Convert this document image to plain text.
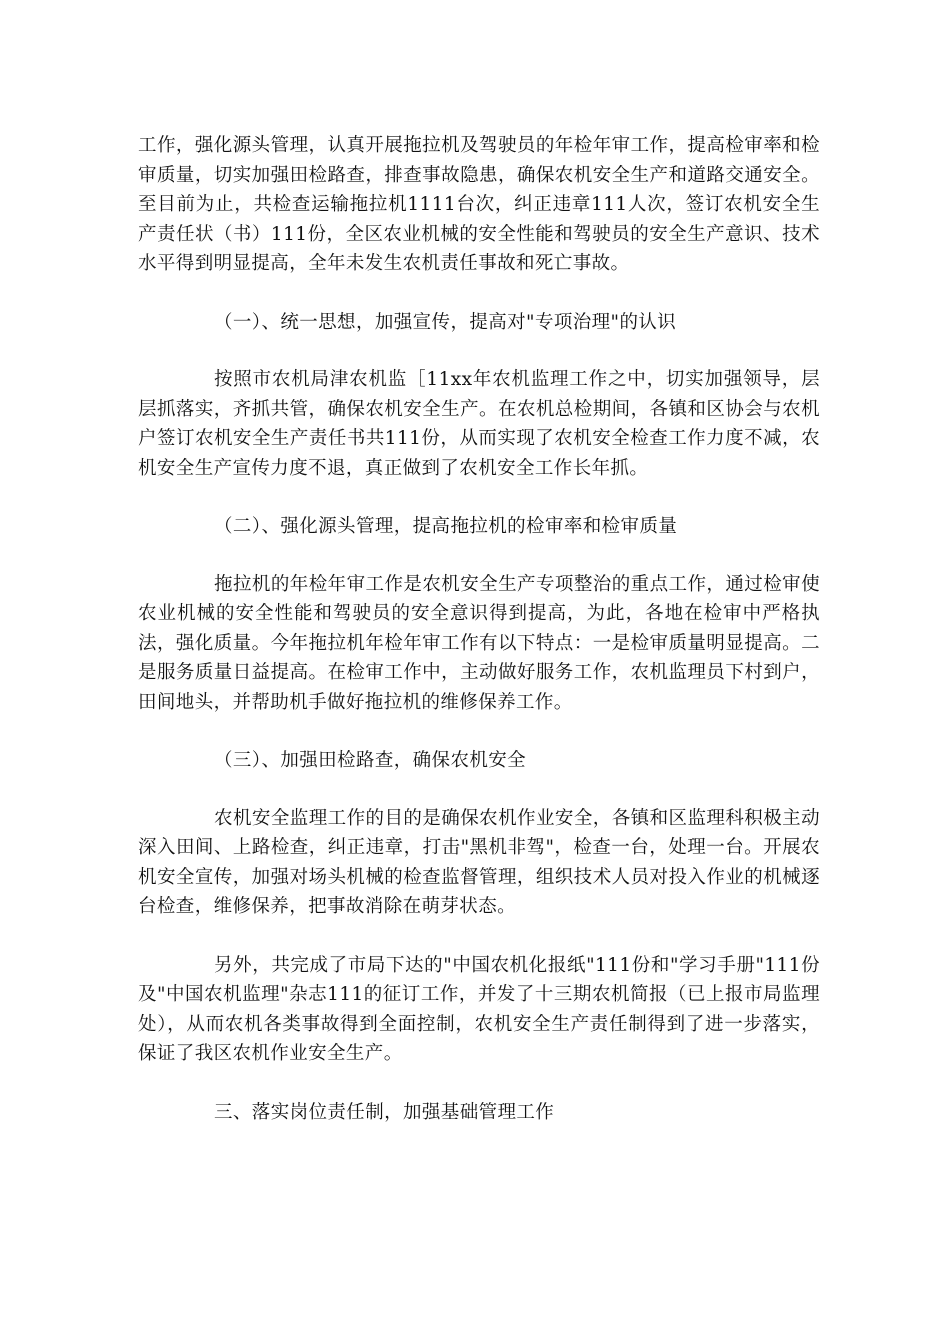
工作，强化源头管理，认真开展拖拉机及驾驶员的年检年审工作，提高检审率和检审质量，切实加强田检路查，排查事故隐患，确保农机安全生产和道路交通安全。至目前为止，共检查运输拖拉机1111台次，纠正违章111人次，签订农机安全生产责任状（书）111份，全区农业机械的安全性能和驾驶员的安全生产意识、技术水平得到明显提高，全年未发生农机责任事故和死亡事故。

（一）、统一思想，加强宣传，提高对"专项治理"的认识

按照市农机局津农机监［11xx年农机监理工作之中，切实加强领导，层层抓落实，齐抓共管，确保农机安全生产。在农机总检期间，各镇和区协会与农机户签订农机安全生产责任书共111份，从而实现了农机安全检查工作力度不减，农机安全生产宣传力度不退，真正做到了农机安全工作长年抓。

（二）、强化源头管理，提高拖拉机的检审率和检审质量

拖拉机的年检年审工作是农机安全生产专项整治的重点工作，通过检审使农业机械的安全性能和驾驶员的安全意识得到提高，为此，各地在检审中严格执法，强化质量。今年拖拉机年检年审工作有以下特点：一是检审质量明显提高。二是服务质量日益提高。在检审工作中，主动做好服务工作，农机监理员下村到户，田间地头，并帮助机手做好拖拉机的维修保养工作。

（三）、加强田检路查，确保农机安全

农机安全监理工作的目的是确保农机作业安全，各镇和区监理科积极主动深入田间、上路检查，纠正违章，打击"黑机非驾"，检查一台，处理一台。开展农机安全宣传，加强对场头机械的检查监督管理，组织技术人员对投入作业的机械逐台检查，维修保养，把事故消除在萌芽状态。

另外，共完成了市局下达的"中国农机化报纸"111份和"学习手册"111份及"中国农机监理"杂志111的征订工作，并发了十三期农机简报（已上报市局监理处），从而农机各类事故得到全面控制，农机安全生产责任制得到了进一步落实，保证了我区农机作业安全生产。

三、落实岗位责任制，加强基础管理工作
